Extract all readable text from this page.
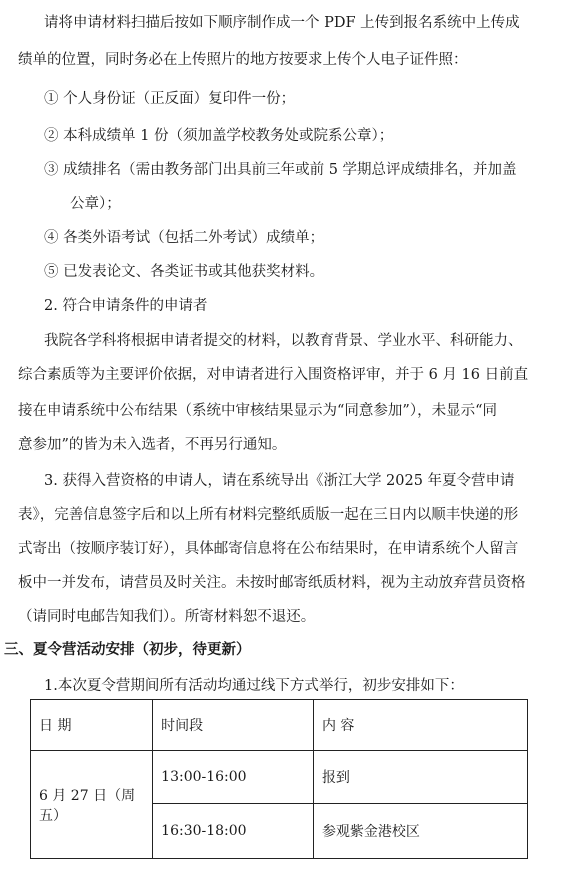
请将申请材料扫描后按如下顺序制作成一个 PDF 上传到报名系统中上传成
绩单的位置，同时务必在上传照片的地方按要求上传个人电子证件照：
① 个人身份证（正反面）复印件一份；
② 本科成绩单 1 份（须加盖学校教务处或院系公章）；
③ 成绩排名（需由教务部门出具前三年或前 5 学期总评成绩排名，并加盖
公章）；
④ 各类外语考试（包括二外考试）成绩单；
⑤ 已发表论文、各类证书或其他获奖材料。
2. 符合申请条件的申请者
我院各学科将根据申请者提交的材料，以教育背景、学业水平、科研能力、
综合素质等为主要评价依据，对申请者进行入围资格评审，并于 6 月 16 日前直
接在申请系统中公布结果（系统中审核结果显示为“同意参加”），未显示“同
意参加”的皆为未入选者，不再另行通知。
3. 获得入营资格的申请人，请在系统导出《浙江大学 2025 年夏令营申请
表》，完善信息签字后和以上所有材料完整纸质版一起在三日内以顺丰快递的形
式寄出（按顺序装订好），具体邮寄信息将在公布结果时，在申请系统个人留言
板中一并发布，请营员及时关注。未按时邮寄纸质材料，视为主动放弃营员资格
（请同时电邮告知我们）。所寄材料恕不退还。
三、夏令营活动安排（初步，待更新）
1.本次夏令营期间所有活动均通过线下方式举行，初步安排如下：
日 期	时间段	内 容
6 月 27 日（周五）	13:00-16:00	报到
	16:30-18:00	参观紫金港校区
